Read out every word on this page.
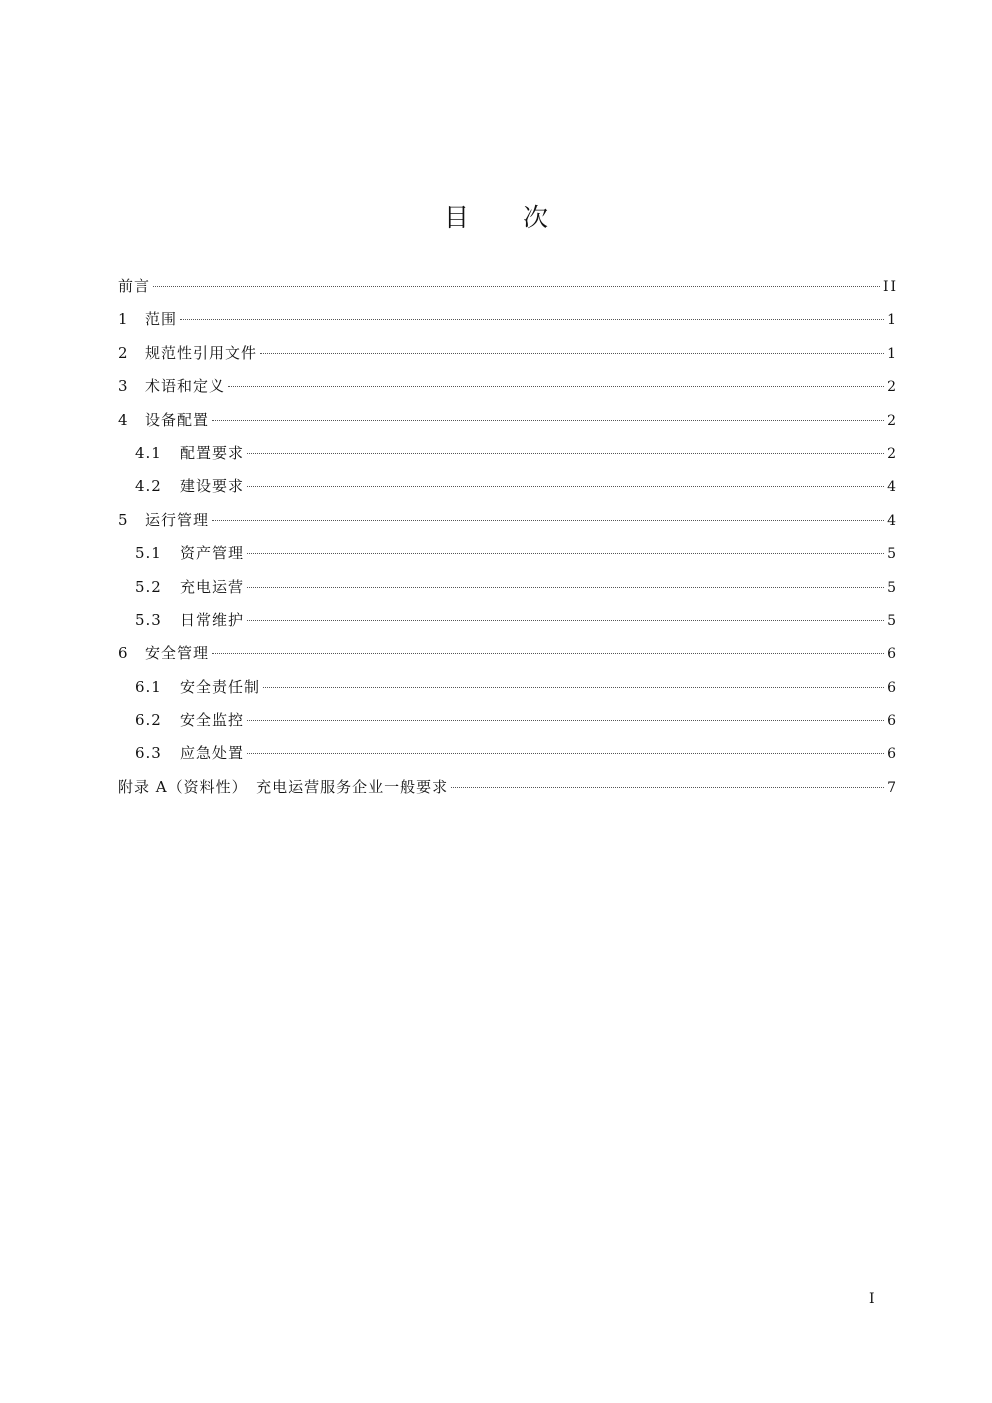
目 次
前言	II
1	范围	1
2	规范性引用文件	1
3	术语和定义	2
4	设备配置	2
4.1	配置要求	2
4.2	建设要求	4
5	运行管理	4
5.1	资产管理	5
5.2	充电运营	5
5.3	日常维护	5
6	安全管理	6
6.1	安全责任制	6
6.2	安全监控	6
6.3	应急处置	6
附录 A（资料性）　充电运营服务企业一般要求	7
I
